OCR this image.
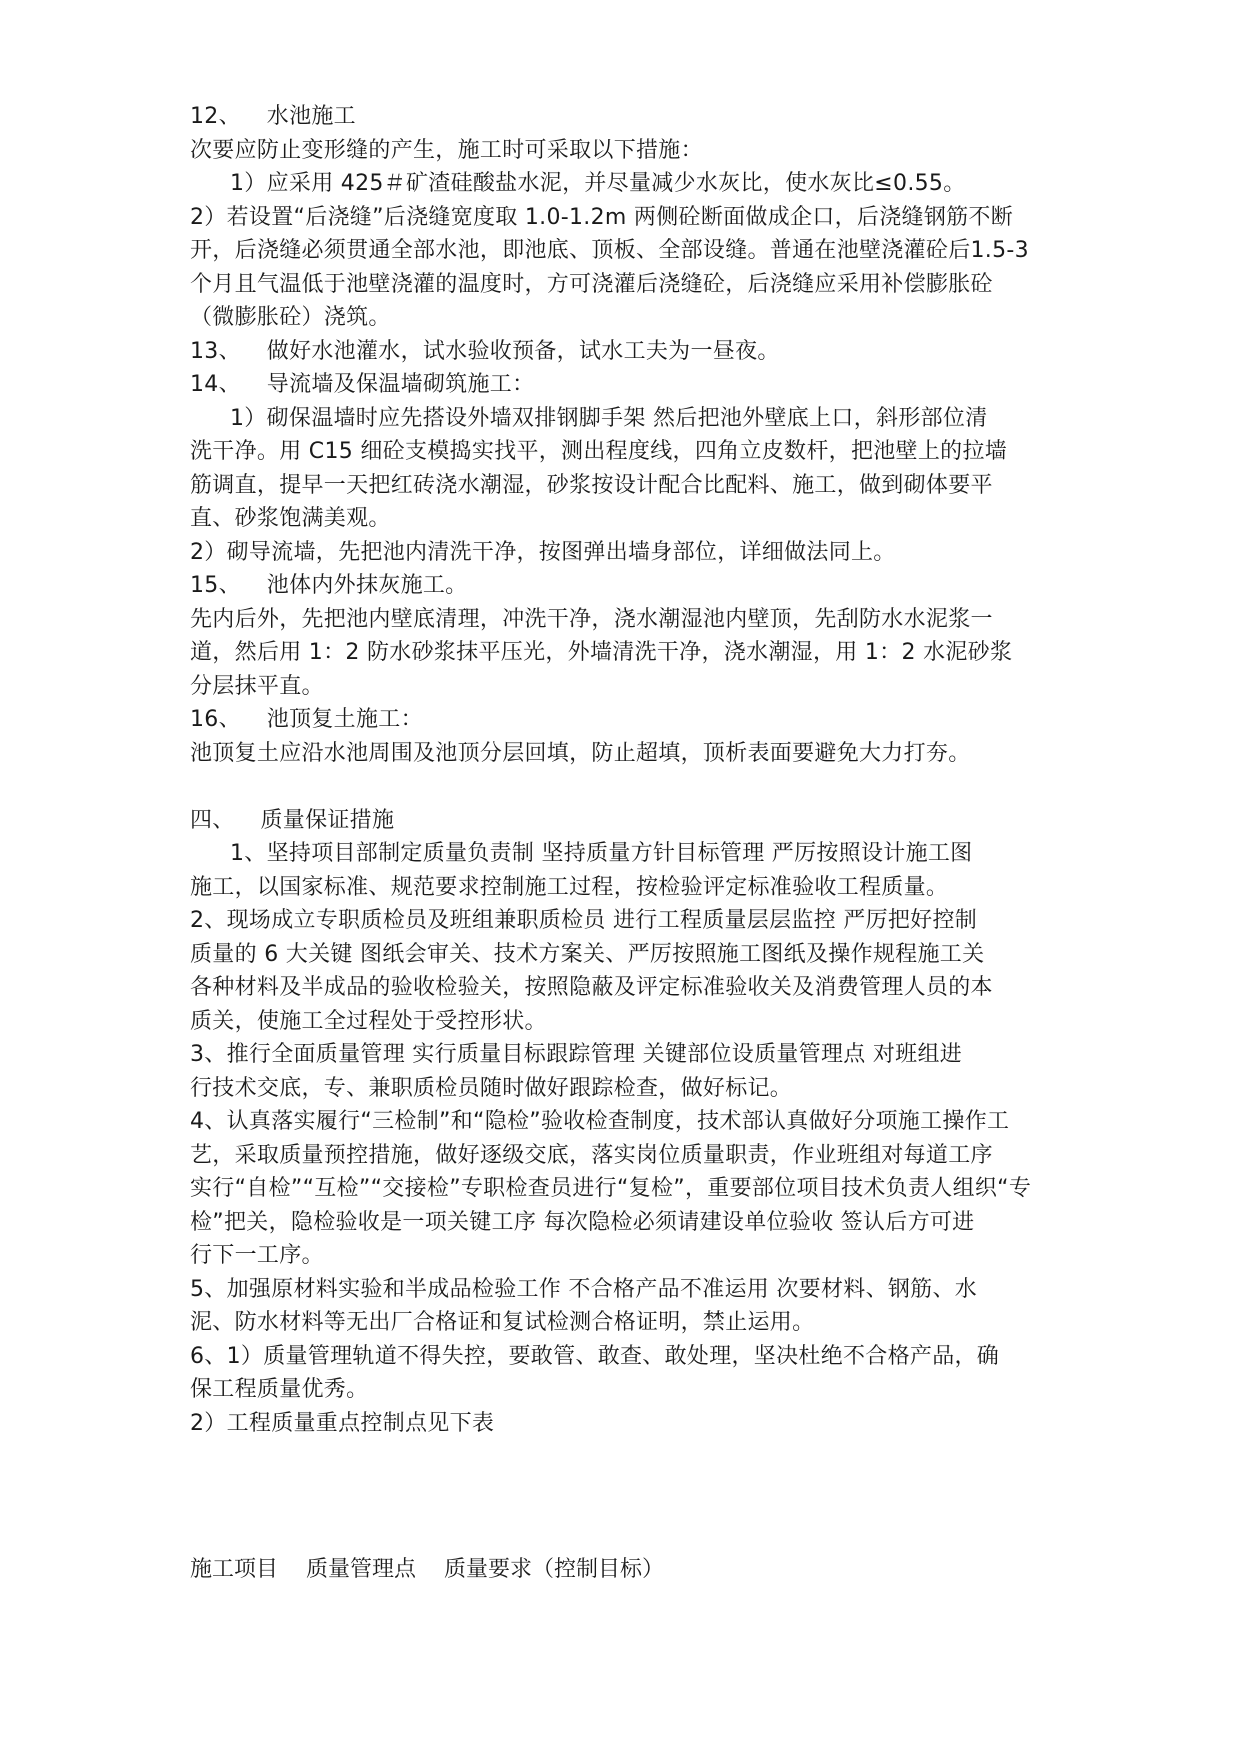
12、　  水池施工
次要应防止变形缝的产生，施工时可采取以下措施：
1）应采用 425＃矿渣硅酸盐水泥，并尽量减少水灰比，使水灰比≤0.55。
2）若设置“后浇缝”后浇缝宽度取 1.0-1.2m 两侧砼断面做成企口，后浇缝钢筋不断
开，后浇缝必须贯通全部水池，即池底、顶板、全部设缝。普通在池壁浇灌砼后1.5-3
个月且气温低于池壁浇灌的温度时，方可浇灌后浇缝砼，后浇缝应采用补偿膨胀砼
（微膨胀砼）浇筑。
13、　  做好水池灌水，试水验收预备，试水工夫为一昼夜。
14、　  导流墙及保温墙砌筑施工：
1）砌保温墙时应先搭设外墙双排钢脚手架 然后把池外壁底上口，斜形部位清
洗干净。用 C15 细砼支模捣实找平，测出程度线，四角立皮数杆，把池壁上的拉墙
筋调直，提早一天把红砖浇水潮湿，砂浆按设计配合比配料、施工，做到砌体要平
直、砂浆饱满美观。
2）砌导流墙，先把池内清洗干净，按图弹出墙身部位，详细做法同上。
15、　  池体内外抹灰施工。
先内后外，先把池内壁底清理，冲洗干净，浇水潮湿池内壁顶，先刮防水水泥浆一
道，然后用 1：2 防水砂浆抹平压光，外墙清洗干净，浇水潮湿，用 1：2 水泥砂浆
分层抹平直。
16、　  池顶复土施工：
池顶复土应沿水池周围及池顶分层回填，防止超填，顶析表面要避免大力打夯。
四、　  质量保证措施
1、坚持项目部制定质量负责制 坚持质量方针目标管理 严厉按照设计施工图
施工，以国家标准、规范要求控制施工过程，按检验评定标准验收工程质量。
2、现场成立专职质检员及班组兼职质检员 进行工程质量层层监控 严厉把好控制
质量的 6 大关键 图纸会审关、技术方案关、严厉按照施工图纸及操作规程施工关
各种材料及半成品的验收检验关，按照隐蔽及评定标准验收关及消费管理人员的本
质关，使施工全过程处于受控形状。
3、推行全面质量管理 实行质量目标跟踪管理 关键部位设质量管理点 对班组进
行技术交底，专、兼职质检员随时做好跟踪检查，做好标记。
4、认真落实履行“三检制”和“隐检”验收检查制度，技术部认真做好分项施工操作工
艺，采取质量预控措施，做好逐级交底，落实岗位质量职责，作业班组对每道工序
实行“自检”“互检”“交接检”专职检查员进行“复检”，重要部位项目技术负责人组织“专
检”把关，隐检验收是一项关键工序 每次隐检必须请建设单位验收 签认后方可进
行下一工序。
5、加强原材料实验和半成品检验工作 不合格产品不准运用 次要材料、钢筋、水
泥、防水材料等无出厂合格证和复试检测合格证明，禁止运用。
6、1）质量管理轨道不得失控，要敢管、敢查、敢处理，坚决杜绝不合格产品，确
保工程质量优秀。
2）工程质量重点控制点见下表
施工项目    质量管理点    质量要求（控制目标）
